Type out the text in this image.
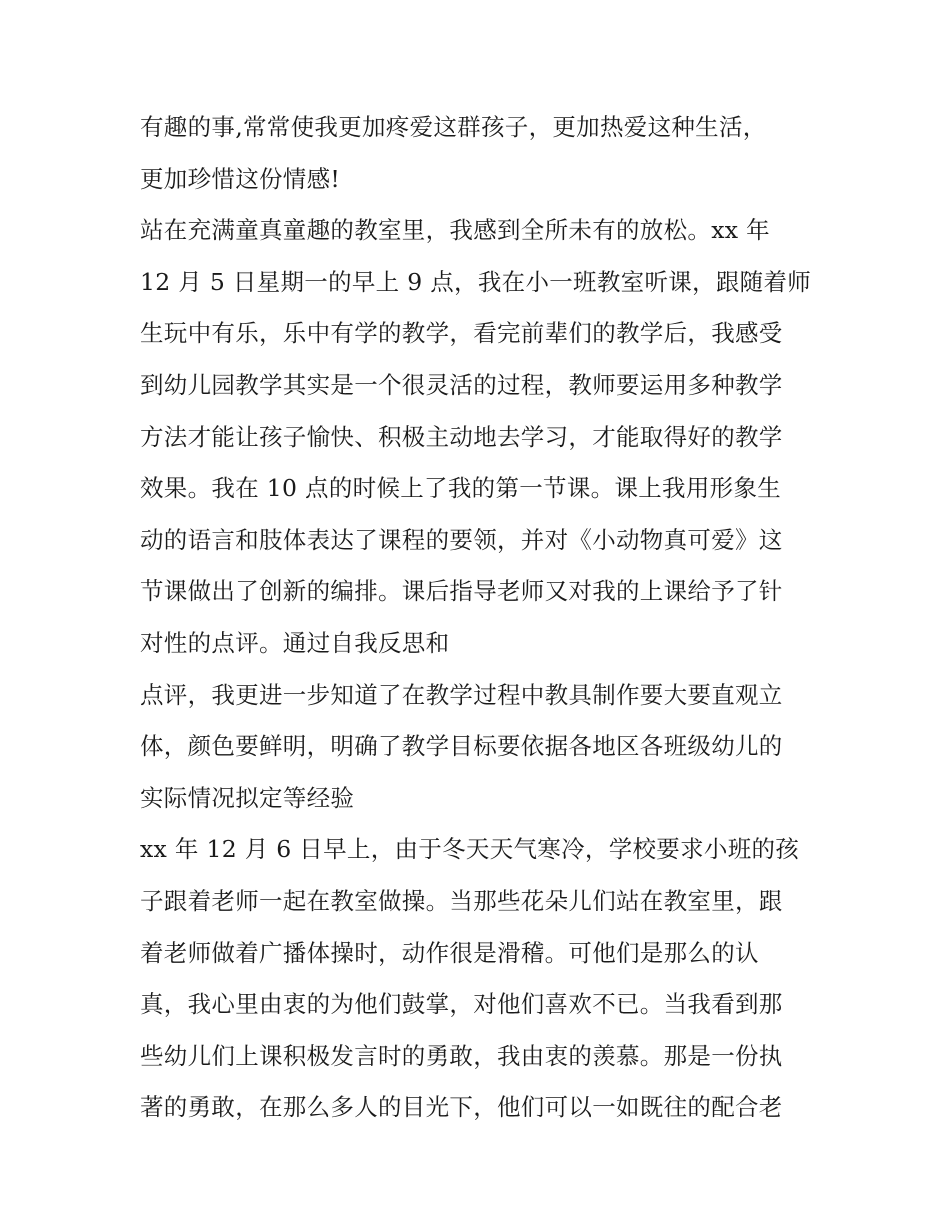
有趣的事,常常使我更加疼爱这群孩子，更加热爱这种生活，
更加珍惜这份情感!
站在充满童真童趣的教室里，我感到全所未有的放松。xx 年
12 月 5 日星期一的早上 9 点，我在小一班教室听课，跟随着师
生玩中有乐，乐中有学的教学，看完前辈们的教学后，我感受
到幼儿园教学其实是一个很灵活的过程，教师要运用多种教学
方法才能让孩子愉快、积极主动地去学习，才能取得好的教学
效果。我在 10 点的时候上了我的第一节课。课上我用形象生
动的语言和肢体表达了课程的要领，并对《小动物真可爱》这
节课做出了创新的编排。课后指导老师又对我的上课给予了针
对性的点评。通过自我反思和
点评，我更进一步知道了在教学过程中教具制作要大要直观立
体，颜色要鲜明，明确了教学目标要依据各地区各班级幼儿的
实际情况拟定等经验
xx 年 12 月 6 日早上，由于冬天天气寒冷，学校要求小班的孩
子跟着老师一起在教室做操。当那些花朵儿们站在教室里，跟
着老师做着广播体操时，动作很是滑稽。可他们是那么的认
真，我心里由衷的为他们鼓掌，对他们喜欢不已。当我看到那
些幼儿们上课积极发言时的勇敢，我由衷的羡慕。那是一份执
著的勇敢，在那么多人的目光下，他们可以一如既往的配合老
